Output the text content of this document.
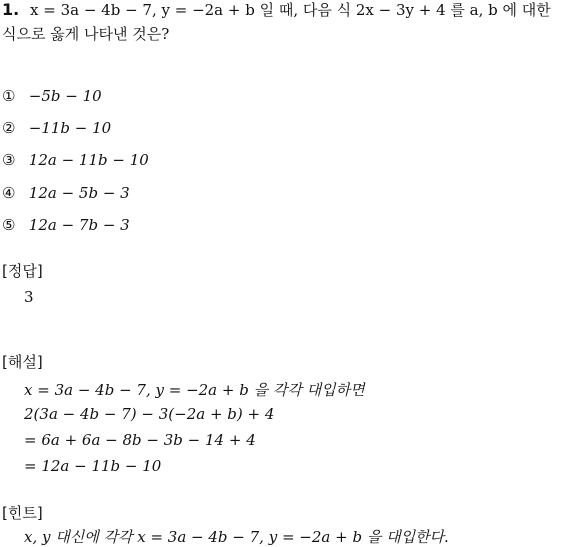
1. x = 3a − 4b − 7, y = −2a + b 일 때, 다음 식 2x − 3y + 4 를 a, b 에 대한
식으로 옳게 나타낸 것은?
① −5b − 10
② −11b − 10
③ 12a − 11b − 10
④ 12a − 5b − 3
⑤ 12a − 7b − 3
[정답]
3
[해설]
x = 3a − 4b − 7, y = −2a + b 을 각각 대입하면
2(3a − 4b − 7) − 3(−2a + b) + 4
= 6a + 6a − 8b − 3b − 14 + 4
= 12a − 11b − 10
[힌트]
x, y 대신에 각각 x = 3a − 4b − 7, y = −2a + b 을 대입한다.
